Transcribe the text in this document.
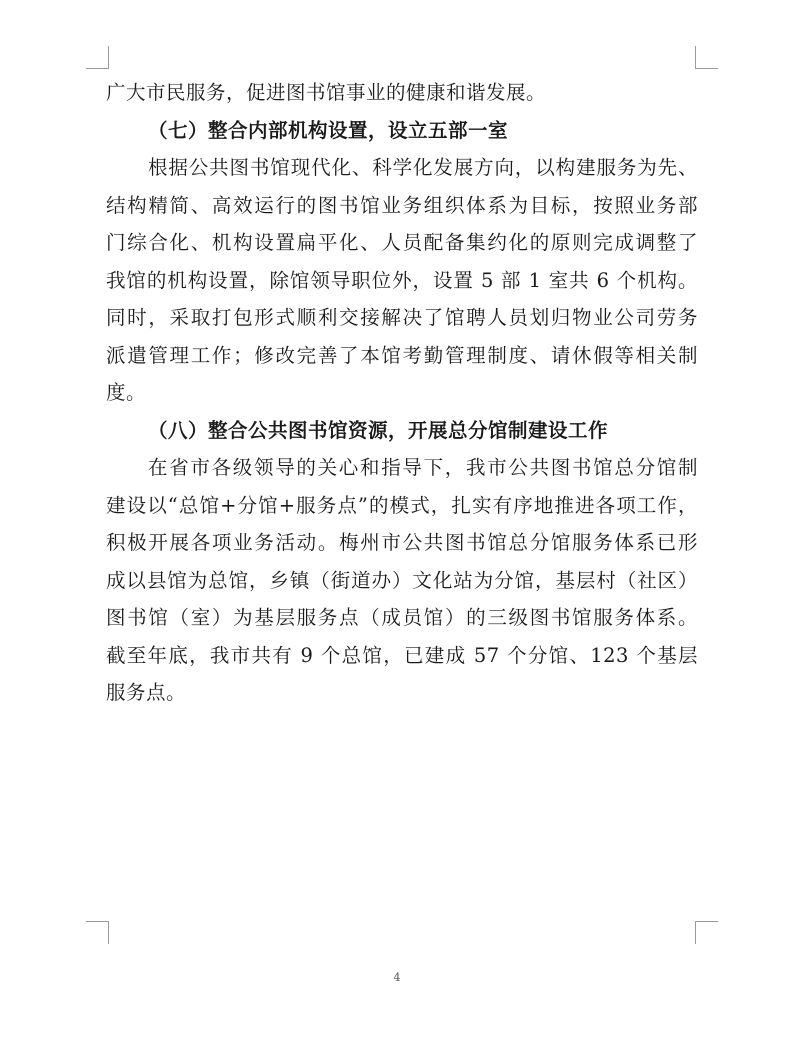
广大市民服务，促进图书馆事业的健康和谐发展。
（七）整合内部机构设置，设立五部一室
根据公共图书馆现代化、科学化发展方向，以构建服务为先、
结构精简、高效运行的图书馆业务组织体系为目标，按照业务部
门综合化、机构设置扁平化、人员配备集约化的原则完成调整了
我馆的机构设置，除馆领导职位外，设置 5 部 1 室共 6 个机构。
同时，采取打包形式顺利交接解决了馆聘人员划归物业公司劳务
派遣管理工作；修改完善了本馆考勤管理制度、请休假等相关制
度。
（八）整合公共图书馆资源，开展总分馆制建设工作
在省市各级领导的关心和指导下，我市公共图书馆总分馆制
建设以“总馆+分馆+服务点”的模式，扎实有序地推进各项工作，
积极开展各项业务活动。梅州市公共图书馆总分馆服务体系已形
成以县馆为总馆，乡镇（街道办）文化站为分馆，基层村（社区）
图书馆（室）为基层服务点（成员馆）的三级图书馆服务体系。
截至年底，我市共有 9 个总馆，已建成 57 个分馆、123 个基层
服务点。
4
